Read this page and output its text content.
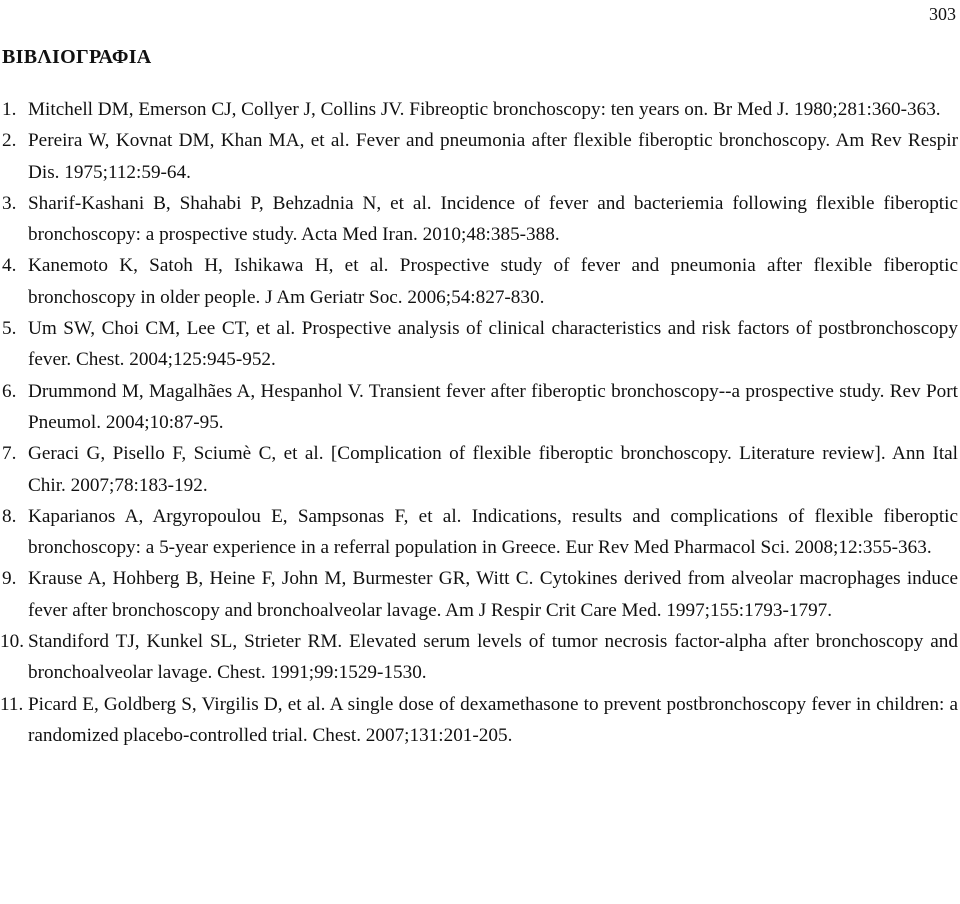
303
ΒΙΒΛΙΟΓΡΑΦΙΑ
1. Mitchell DM, Emerson CJ, Collyer J, Collins JV. Fibreoptic bronchoscopy: ten years on. Br Med J. 1980;281:360-363.
2. Pereira W, Kovnat DM, Khan MA, et al. Fever and pneumonia after flexible fiberoptic bronchoscopy. Am Rev Respir Dis. 1975;112:59-64.
3. Sharif-Kashani B, Shahabi P, Behzadnia N, et al. Incidence of fever and bacteriemia following flexible fiberoptic bronchoscopy: a prospective study. Acta Med Iran. 2010;48:385-388.
4. Kanemoto K, Satoh H, Ishikawa H, et al. Prospective study of fever and pneumonia after flexible fiberoptic bronchoscopy in older people. J Am Geriatr Soc. 2006;54:827-830.
5. Um SW, Choi CM, Lee CT, et al. Prospective analysis of clinical characteristics and risk factors of postbronchoscopy fever. Chest. 2004;125:945-952.
6. Drummond M, Magalhães A, Hespanhol V. Transient fever after fiberoptic bronchoscopy--a prospective study. Rev Port Pneumol. 2004;10:87-95.
7. Geraci G, Pisello F, Sciumè C, et al. [Complication of flexible fiberoptic bronchoscopy. Literature review]. Ann Ital Chir. 2007;78:183-192.
8. Kaparianos A, Argyropoulou E, Sampsonas F, et al. Indications, results and complications of flexible fiberoptic bronchoscopy: a 5-year experience in a referral population in Greece. Eur Rev Med Pharmacol Sci. 2008;12:355-363.
9. Krause A, Hohberg B, Heine F, John M, Burmester GR, Witt C. Cytokines derived from alveolar macrophages induce fever after bronchoscopy and bronchoalveolar lavage. Am J Respir Crit Care Med. 1997;155:1793-1797.
10. Standiford TJ, Kunkel SL, Strieter RM. Elevated serum levels of tumor necrosis factor-alpha after bronchoscopy and bronchoalveolar lavage. Chest. 1991;99:1529-1530.
11. Picard E, Goldberg S, Virgilis D, et al. A single dose of dexamethasone to prevent postbronchoscopy fever in children: a randomized placebo-controlled trial. Chest. 2007;131:201-205.
